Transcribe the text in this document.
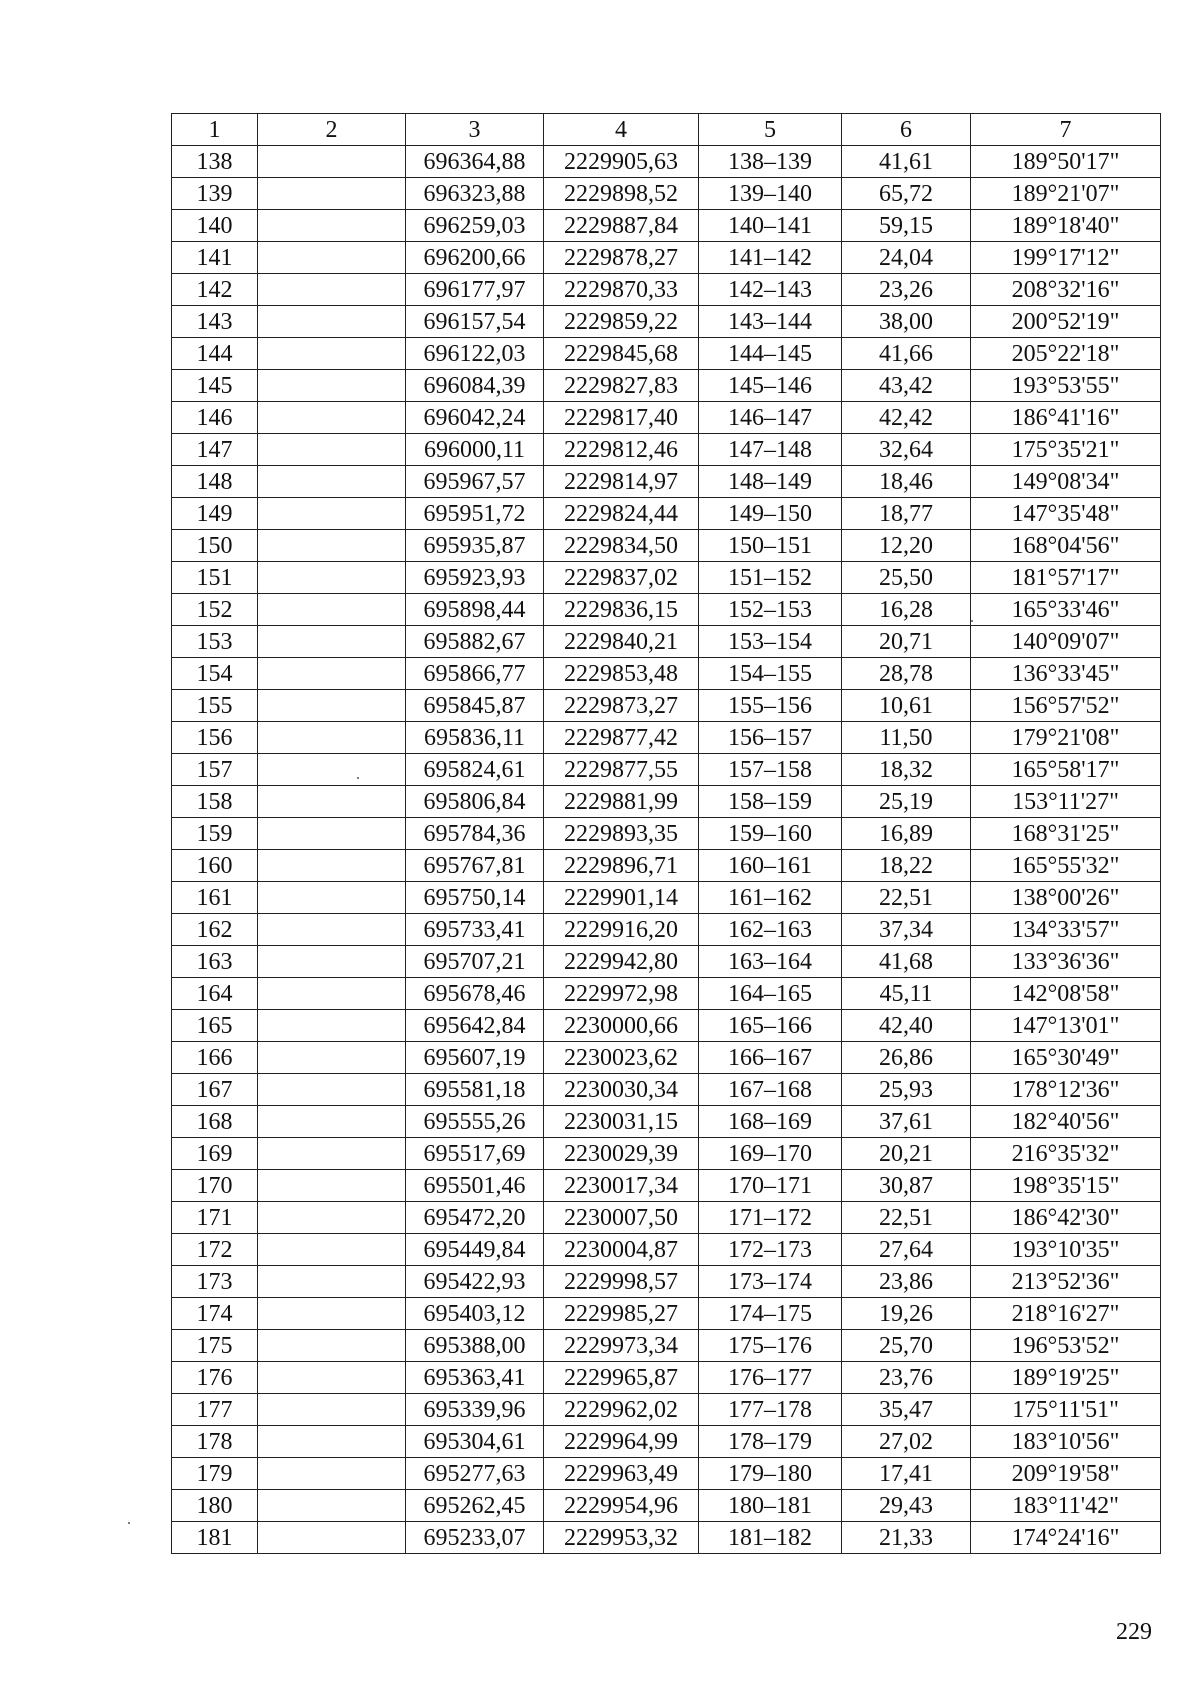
1	2	3	4	5	6	7
138		696364,88	2229905,63	138–139	41,61	189°50'17"
139		696323,88	2229898,52	139–140	65,72	189°21'07"
140		696259,03	2229887,84	140–141	59,15	189°18'40"
141		696200,66	2229878,27	141–142	24,04	199°17'12"
142		696177,97	2229870,33	142–143	23,26	208°32'16"
143		696157,54	2229859,22	143–144	38,00	200°52'19"
144		696122,03	2229845,68	144–145	41,66	205°22'18"
145		696084,39	2229827,83	145–146	43,42	193°53'55"
146		696042,24	2229817,40	146–147	42,42	186°41'16"
147		696000,11	2229812,46	147–148	32,64	175°35'21"
148		695967,57	2229814,97	148–149	18,46	149°08'34"
149		695951,72	2229824,44	149–150	18,77	147°35'48"
150		695935,87	2229834,50	150–151	12,20	168°04'56"
151		695923,93	2229837,02	151–152	25,50	181°57'17"
152		695898,44	2229836,15	152–153	16,28	165°33'46"
153		695882,67	2229840,21	153–154	20,71	140°09'07"
154		695866,77	2229853,48	154–155	28,78	136°33'45"
155		695845,87	2229873,27	155–156	10,61	156°57'52"
156		695836,11	2229877,42	156–157	11,50	179°21'08"
157		695824,61	2229877,55	157–158	18,32	165°58'17"
158		695806,84	2229881,99	158–159	25,19	153°11'27"
159		695784,36	2229893,35	159–160	16,89	168°31'25"
160		695767,81	2229896,71	160–161	18,22	165°55'32"
161		695750,14	2229901,14	161–162	22,51	138°00'26"
162		695733,41	2229916,20	162–163	37,34	134°33'57"
163		695707,21	2229942,80	163–164	41,68	133°36'36"
164		695678,46	2229972,98	164–165	45,11	142°08'58"
165		695642,84	2230000,66	165–166	42,40	147°13'01"
166		695607,19	2230023,62	166–167	26,86	165°30'49"
167		695581,18	2230030,34	167–168	25,93	178°12'36"
168		695555,26	2230031,15	168–169	37,61	182°40'56"
169		695517,69	2230029,39	169–170	20,21	216°35'32"
170		695501,46	2230017,34	170–171	30,87	198°35'15"
171		695472,20	2230007,50	171–172	22,51	186°42'30"
172		695449,84	2230004,87	172–173	27,64	193°10'35"
173		695422,93	2229998,57	173–174	23,86	213°52'36"
174		695403,12	2229985,27	174–175	19,26	218°16'27"
175		695388,00	2229973,34	175–176	25,70	196°53'52"
176		695363,41	2229965,87	176–177	23,76	189°19'25"
177		695339,96	2229962,02	177–178	35,47	175°11'51"
178		695304,61	2229964,99	178–179	27,02	183°10'56"
179		695277,63	2229963,49	179–180	17,41	209°19'58"
180		695262,45	2229954,96	180–181	29,43	183°11'42"
181		695233,07	2229953,32	181–182	21,33	174°24'16"
229
